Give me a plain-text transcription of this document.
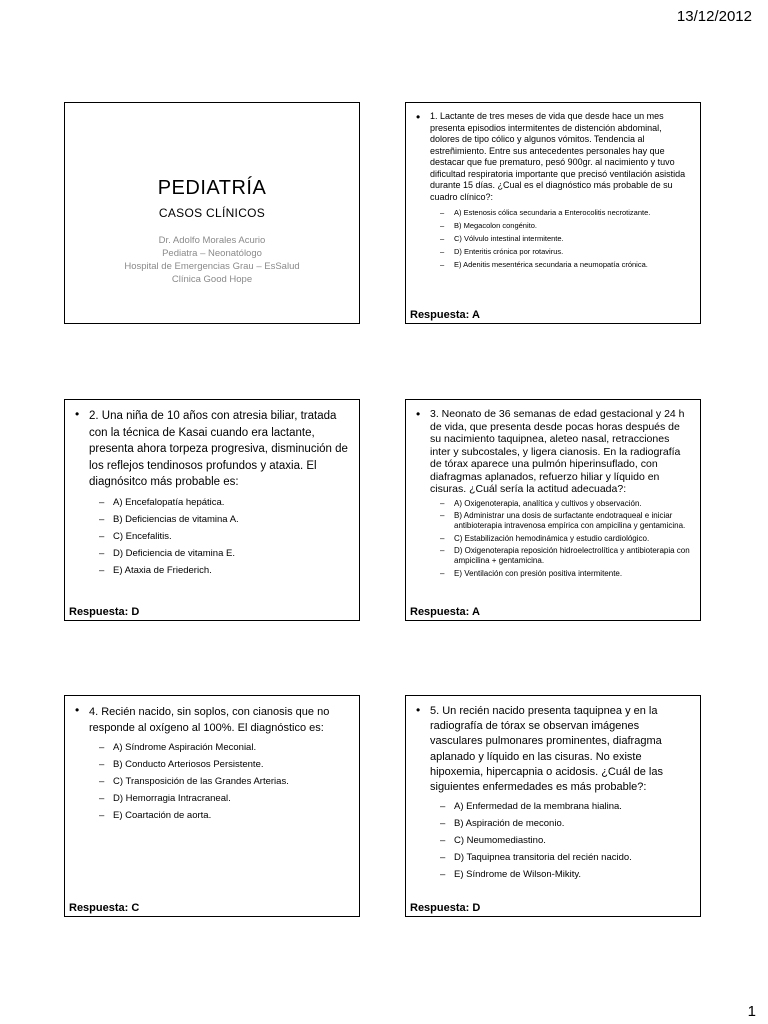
13/12/2012
PEDIATRÍA
CASOS CLÍNICOS
Dr. Adolfo Morales Acurio
Pediatra – Neonatólogo
Hospital de Emergencias Grau – EsSalud
Clínica Good Hope
•	1. Lactante de tres meses de vida que desde hace un mes presenta episodios intermitentes de distención abdominal, dolores de tipo cólico y algunos vómitos. Tendencia al estreñimiento. Entre sus antecedentes personales hay que destacar que fue prematuro, pesó 900gr. al nacimiento y tuvo dificultad respiratoria importante que precisó ventilación asistida durante 15 días. ¿Cual es el diagnóstico más probable de su cuadro clínico?:
–	A) Estenosis cólica secundaria a Enterocolitis necrotizante.
–	B) Megacolon congénito.
–	C) Vólvulo intestinal intermitente.
–	D) Enteritis crónica por rotavirus.
–	E) Adenitis mesentérica secundaria a neumopatía crónica.
Respuesta: A
• 2. Una niña de 10 años con atresia biliar, tratada con la técnica de Kasai cuando era lactante, presenta ahora torpeza progresiva, disminución de los reflejos tendinosos profundos y ataxia. El diagnósitco más probable es:
– A) Encefalopatía hepática.
– B) Deficiencias de vitamina A.
– C) Encefalitis.
– D) Deficiencia de vitamina E.
– E) Ataxia de Friederich.
Respuesta: D
• 3. Neonato de 36 semanas de edad gestacional y 24 h de vida, que presenta desde pocas horas después de su nacimiento taquipnea, aleteo nasal, retracciones inter y subcostales, y ligera cianosis. En la radiografía de tórax aparece una pulmón hiperinsuflado, con diafragmas aplanados, refuerzo hiliar y líquido en cisuras. ¿Cuál sería la actitud adecuada?:
–	A) Oxigenoterapia, analítica y cultivos y observación.
–	B) Administrar una dosis de surfactante endotraqueal e iniciar antibioterapia intravenosa empírica con ampicilina y gentamicina.
–	C) Estabilización hemodinámica y estudio cardiológico.
–	D) Oxigenoterapia reposición hidroelectrolítica y antibioterapia con ampicilina + gentamicina.
–	E) Ventilación con presión positiva intermitente.
Respuesta: A
• 4. Recién nacido, sin soplos, con cianosis que no responde al oxígeno al 100%. El diagnóstico es:
– A) Síndrome Aspiración Meconial.
– B) Conducto Arteriosos Persistente.
– C) Transposición de las Grandes Arterias.
– D) Hemorragia Intracraneal.
– E) Coartación de aorta.
Respuesta: C
• 5. Un recién nacido presenta taquipnea y en la radiografía de tórax se observan imágenes vasculares pulmonares prominentes, diafragma aplanado y líquido en las cisuras. No existe hipoxemia, hipercapnia o acidosis. ¿Cuál de las siguientes enfermedades es más probable?:
– A) Enfermedad de la membrana hialina.
– B) Aspiración de meconio.
– C) Neumomediastino.
– D) Taquipnea transitoria del recién nacido.
– E) Síndrome de Wilson-Mikity.
Respuesta: D
1
